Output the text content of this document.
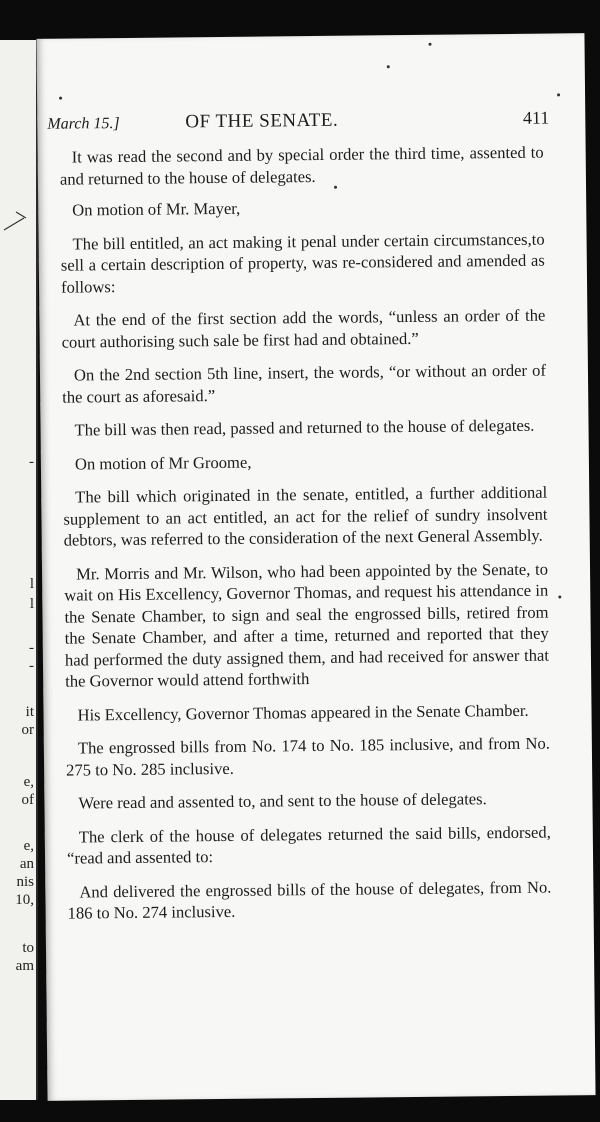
-
l
l
-
-
it
or
e,
of
e,
an
nis
10,
to
am
March 15.]	OF THE SENATE.	411

It was read the second and by special order the third time, assented to and returned to the house of delegates.

On motion of Mr. Mayer,

The bill entitled, an act making it penal under certain circumstances,to sell a certain description of property, was re-considered and amended as follows:

At the end of the first section add the words, “unless an order of the court authorising such sale be first had and obtained.”

On the 2nd section 5th line, insert, the words, “or without an order of the court as aforesaid.”

The bill was then read, passed and returned to the house of delegates.

On motion of Mr Groome,

The bill which originated in the senate, entitled, a further additional supplement to an act entitled, an act for the relief of sundry insolvent debtors, was referred to the consideration of the next General Assembly.

Mr. Morris and Mr. Wilson, who had been appointed by the Senate, to wait on His Excellency, Governor Thomas, and request his attendance in the Senate Chamber, to sign and seal the engrossed bills, retired from the Senate Chamber, and after a time, returned and reported that they had performed the duty assigned them, and had received for answer that the Governor would attend forthwith

His Excellency, Governor Thomas appeared in the Senate Chamber.

The engrossed bills from No. 174 to No. 185 inclusive, and from No. 275 to No. 285 inclusive.

Were read and assented to, and sent to the house of delegates.

The clerk of the house of delegates returned the said bills, endorsed, “read and assented to:

And delivered the engrossed bills of the house of delegates, from No. 186 to No. 274 inclusive.
